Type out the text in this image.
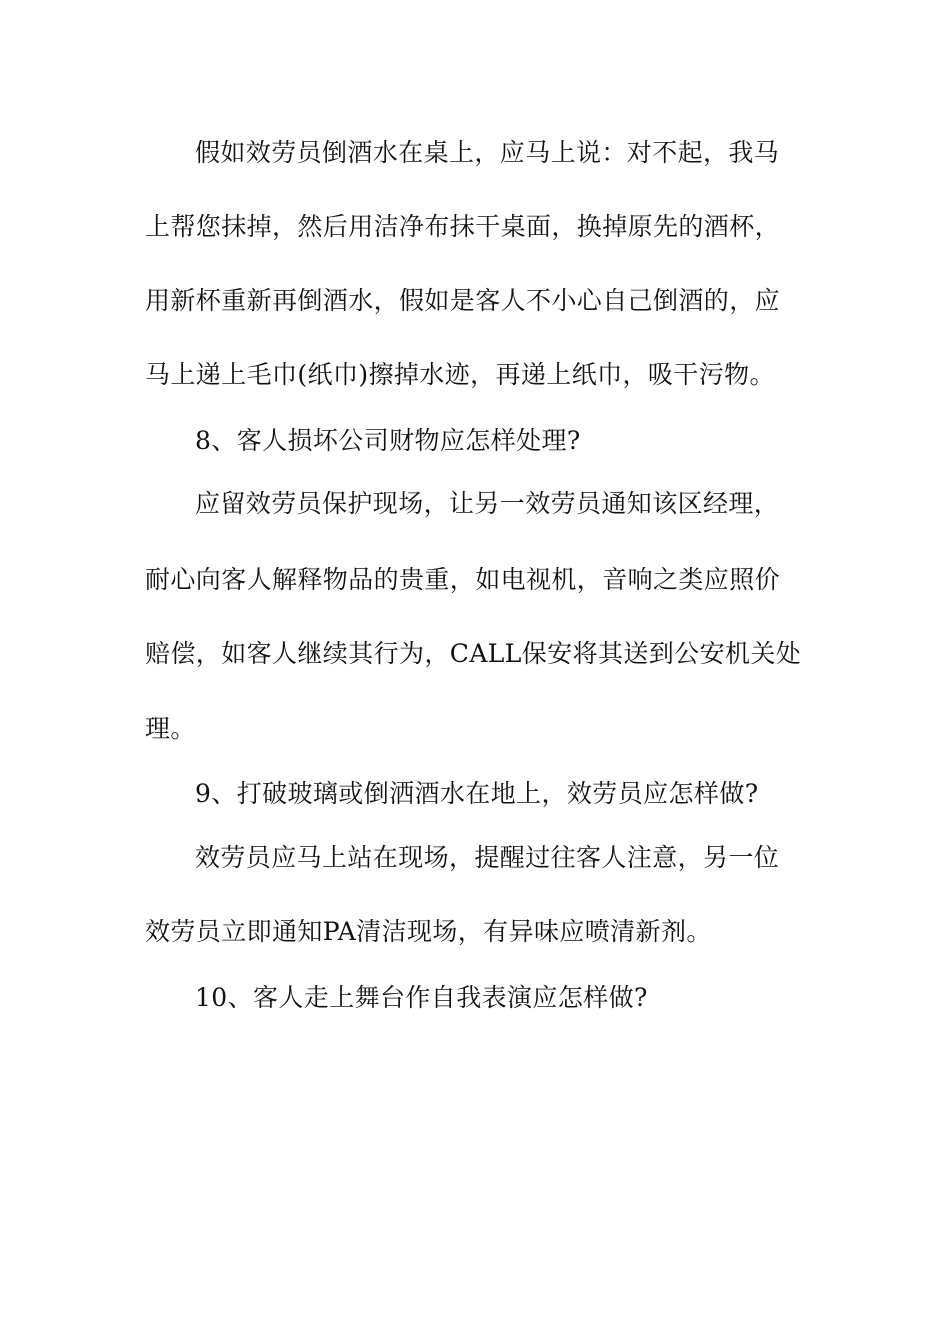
假如效劳员倒酒水在桌上，应马上说：对不起，我马
上帮您抹掉，然后用洁净布抹干桌面，换掉原先的酒杯，
用新杯重新再倒酒水，假如是客人不小心自己倒酒的，应
马上递上毛巾(纸巾)擦掉水迹，再递上纸巾，吸干污物。
8、客人损坏公司财物应怎样处理?
应留效劳员保护现场，让另一效劳员通知该区经理，
耐心向客人解释物品的贵重，如电视机，音响之类应照价
赔偿，如客人继续其行为，CALL保安将其送到公安机关处
理。
9、打破玻璃或倒洒酒水在地上，效劳员应怎样做?
效劳员应马上站在现场，提醒过往客人注意，另一位
效劳员立即通知PA清洁现场，有异味应喷清新剂。
10、客人走上舞台作自我表演应怎样做?
